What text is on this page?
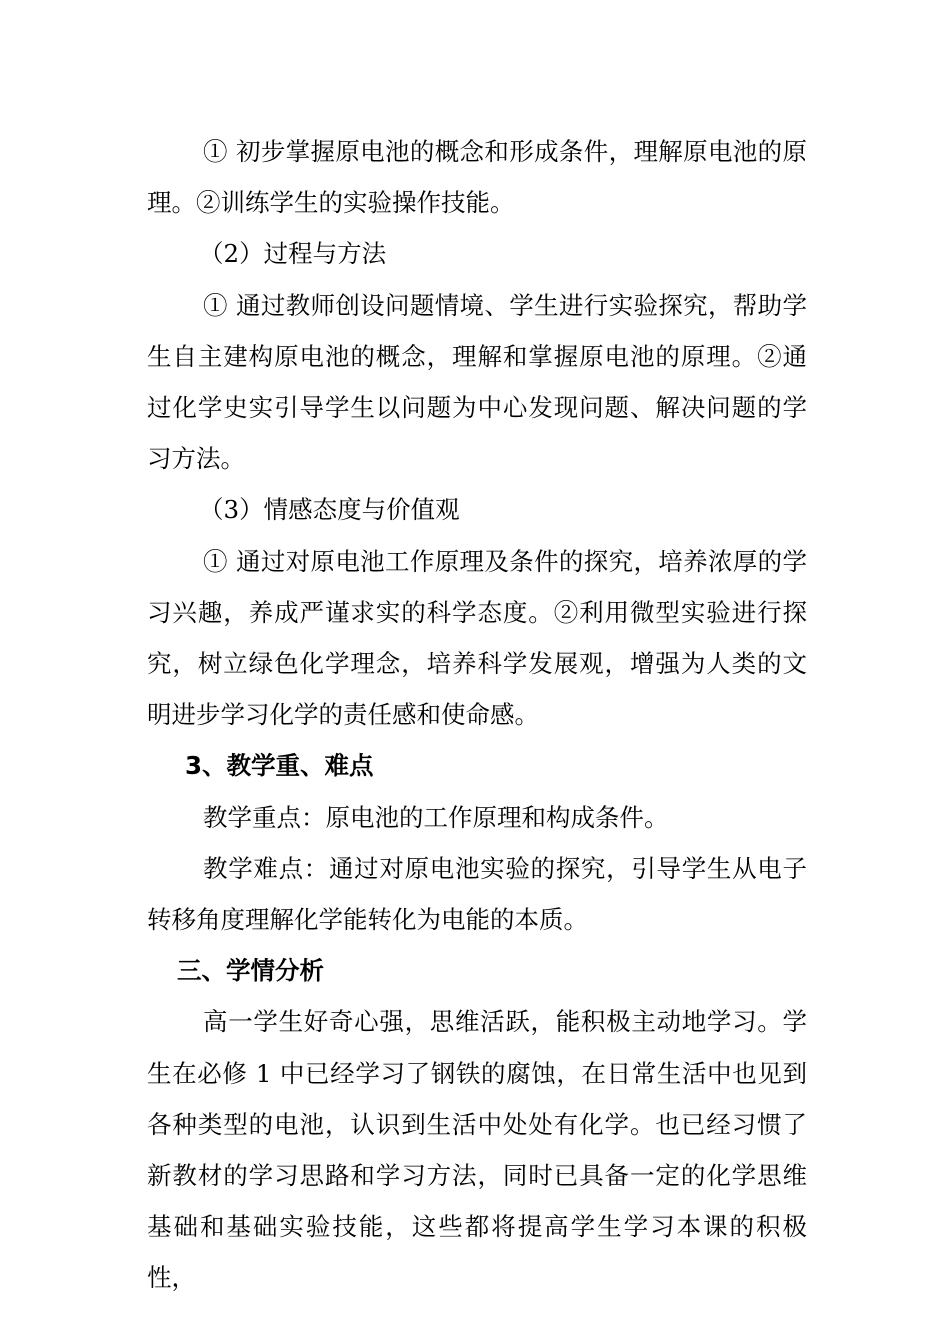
① 初步掌握原电池的概念和形成条件，理解原电池的原理。②训练学生的实验操作技能。

（2）过程与方法

① 通过教师创设问题情境、学生进行实验探究，帮助学生自主建构原电池的概念，理解和掌握原电池的原理。②通过化学史实引导学生以问题为中心发现问题、解决问题的学习方法。

（3）情感态度与价值观

① 通过对原电池工作原理及条件的探究，培养浓厚的学习兴趣，养成严谨求实的科学态度。②利用微型实验进行探究，树立绿色化学理念，培养科学发展观，增强为人类的文明进步学习化学的责任感和使命感。

3、教学重、难点

教学重点：原电池的工作原理和构成条件。

教学难点：通过对原电池实验的探究，引导学生从电子转移角度理解化学能转化为电能的本质。

三、学情分析

高一学生好奇心强，思维活跃，能积极主动地学习。学生在必修 1 中已经学习了钢铁的腐蚀，在日常生活中也见到各种类型的电池，认识到生活中处处有化学。也已经习惯了新教材的学习思路和学习方法，同时已具备一定的化学思维基础和基础实验技能，这些都将提高学生学习本课的积极性，
